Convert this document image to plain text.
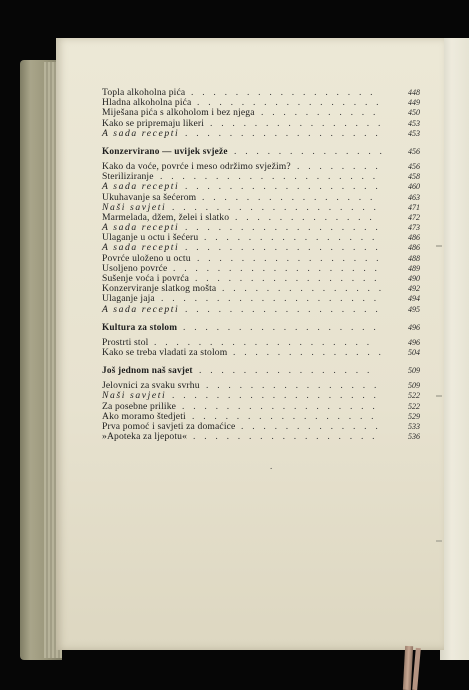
Topla alkoholna pića . . . . . . . . . . . . . . . . .	448
Hladna alkoholna pića . . . . . . . . . . . . . . . . .	449
Miješana pića s alkoholom i bez njega . . . . . . . . . . .	450
Kako se pripremaju likeri . . . . . . . . . . . . . . . .	453
A sada recepti . . . . . . . . . . . . . . . . . .	453
Konzervirano — uvijek svježe . . . . . . . . . . . . . .	456
Kako da voće, povrće i meso održimo svježim? . . . . . . . .	456
Steriliziranje . . . . . . . . . . . . . . . . . . . .	458
A sada recepti . . . . . . . . . . . . . . . . . .	460
Ukuhavanje sa šećerom . . . . . . . . . . . . . . . .	463
Naši savjeti . . . . . . . . . . . . . . . . . . .	471
Marmelada, džem, želei i slatko . . . . . . . . . . . . .	472
A sada recepti . . . . . . . . . . . . . . . . . .	473
Ulaganje u octu i šećeru . . . . . . . . . . . . . . . .	486
A sada recepti . . . . . . . . . . . . . . . . . .	486
Povrće uloženo u octu . . . . . . . . . . . . . . . . .	488
Usoljeno povrće . . . . . . . . . . . . . . . . . . .	489
Sušenje voća i povrća . . . . . . . . . . . . . . . . .	490
Konzerviranje slatkog mošta . . . . . . . . . . . . . . .	492
Ulaganje jaja . . . . . . . . . . . . . . . . . . . .	494
A sada recepti . . . . . . . . . . . . . . . . . .	495
Kultura za stolom . . . . . . . . . . . . . . . . . .	496
Prostrti stol . . . . . . . . . . . . . . . . . . . .	496
Kako se treba vladati za stolom . . . . . . . . . . . . . .	504
Još jednom naš savjet . . . . . . . . . . . . . . . .	509
Jelovnici za svaku svrhu . . . . . . . . . . . . . . . .	509
Naši savjeti . . . . . . . . . . . . . . . . . . .	522
Za posebne prilike . . . . . . . . . . . . . . . . . .	522
Ako moramo štedjeti . . . . . . . . . . . . . . . . .	529
Prva pomoć i savjeti za domaćice . . . . . . . . . . . . .	533
»Apoteka za ljepotu« . . . . . . . . . . . . . . . . .	536
.
